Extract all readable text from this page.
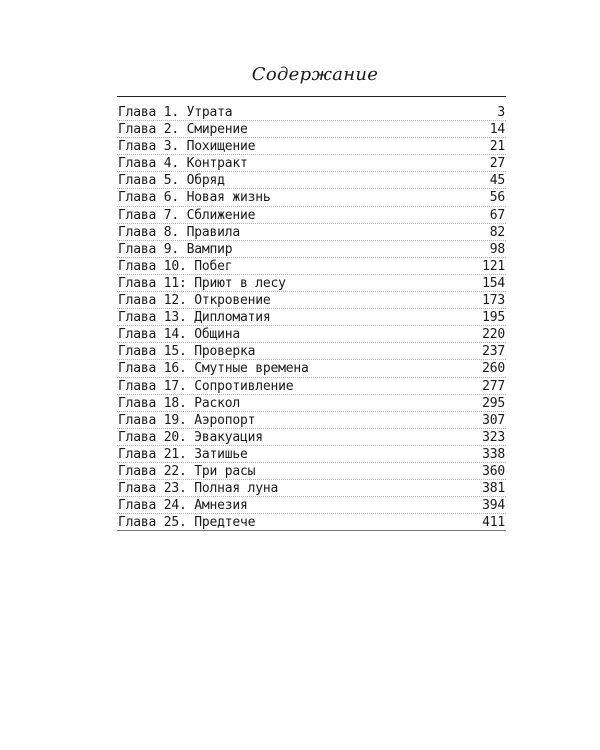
Содержание
Глава 1. Утрата	3
Глава 2. Смирение	14
Глава 3. Похищение	21
Глава 4. Контракт	27
Глава 5. Обряд	45
Глава 6. Новая жизнь	56
Глава 7. Сближение	67
Глава 8. Правила	82
Глава 9. Вампир	98
Глава 10. Побег	121
Глава 11: Приют в лесу	154
Глава 12. Откровение	173
Глава 13. Дипломатия	195
Глава 14. Община	220
Глава 15. Проверка	237
Глава 16. Смутные времена	260
Глава 17. Сопротивление	277
Глава 18. Раскол	295
Глава 19. Аэропорт	307
Глава 20. Эвакуация	323
Глава 21. Затишье	338
Глава 22. Три расы	360
Глава 23. Полная луна	381
Глава 24. Амнезия	394
Глава 25. Предтече	411
